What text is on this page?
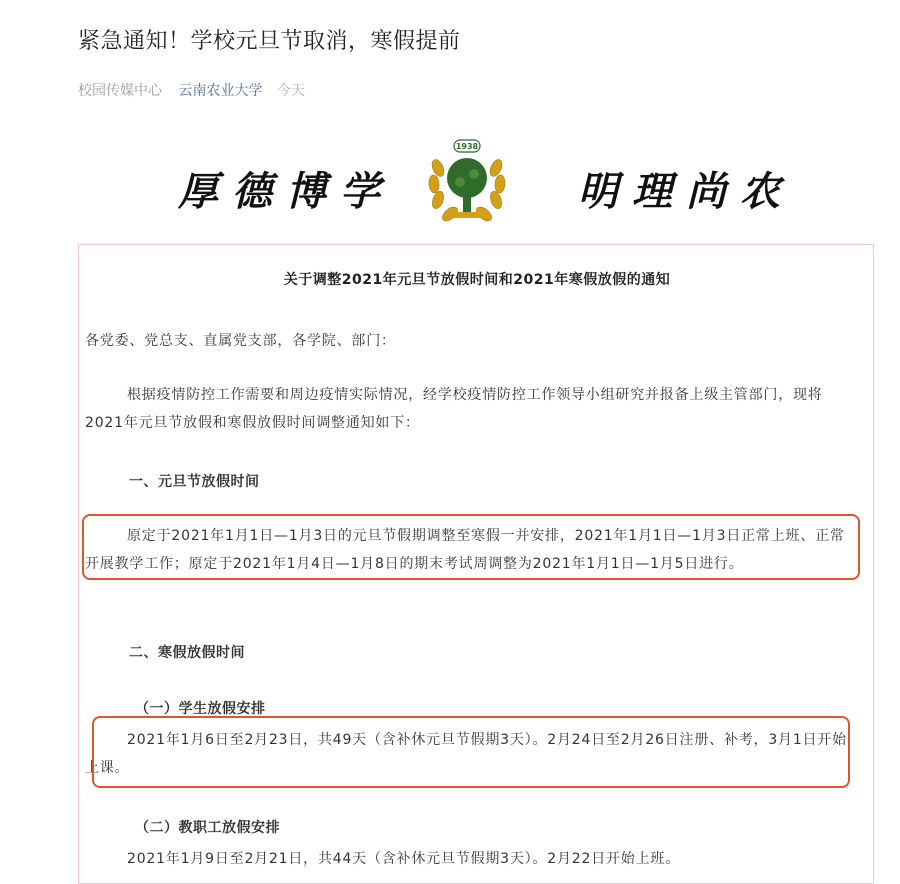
紧急通知！学校元旦节取消，寒假提前
校园传媒中心 云南农业大学 今天
厚德博学
1938
明理尚农
关于调整2021年元旦节放假时间和2021年寒假放假的通知
各党委、党总支、直属党支部，各学院、部门：
根据疫情防控工作需要和周边疫情实际情况，经学校疫情防控工作领导小组研究并报备上级主管部门，现将2021年元旦节放假和寒假放假时间调整通知如下：
一、元旦节放假时间
原定于2021年1月1日—1月3日的元旦节假期调整至寒假一并安排，2021年1月1日—1月3日正常上班、正常开展教学工作；原定于2021年1月4日—1月8日的期末考试周调整为2021年1月1日—1月5日进行。
二、寒假放假时间
（一）学生放假安排
2021年1月6日至2月23日，共49天（含补休元旦节假期3天）。2月24日至2月26日注册、补考，3月1日开始上课。
（二）教职工放假安排
2021年1月9日至2月21日，共44天（含补休元旦节假期3天）。2月22日开始上班。
